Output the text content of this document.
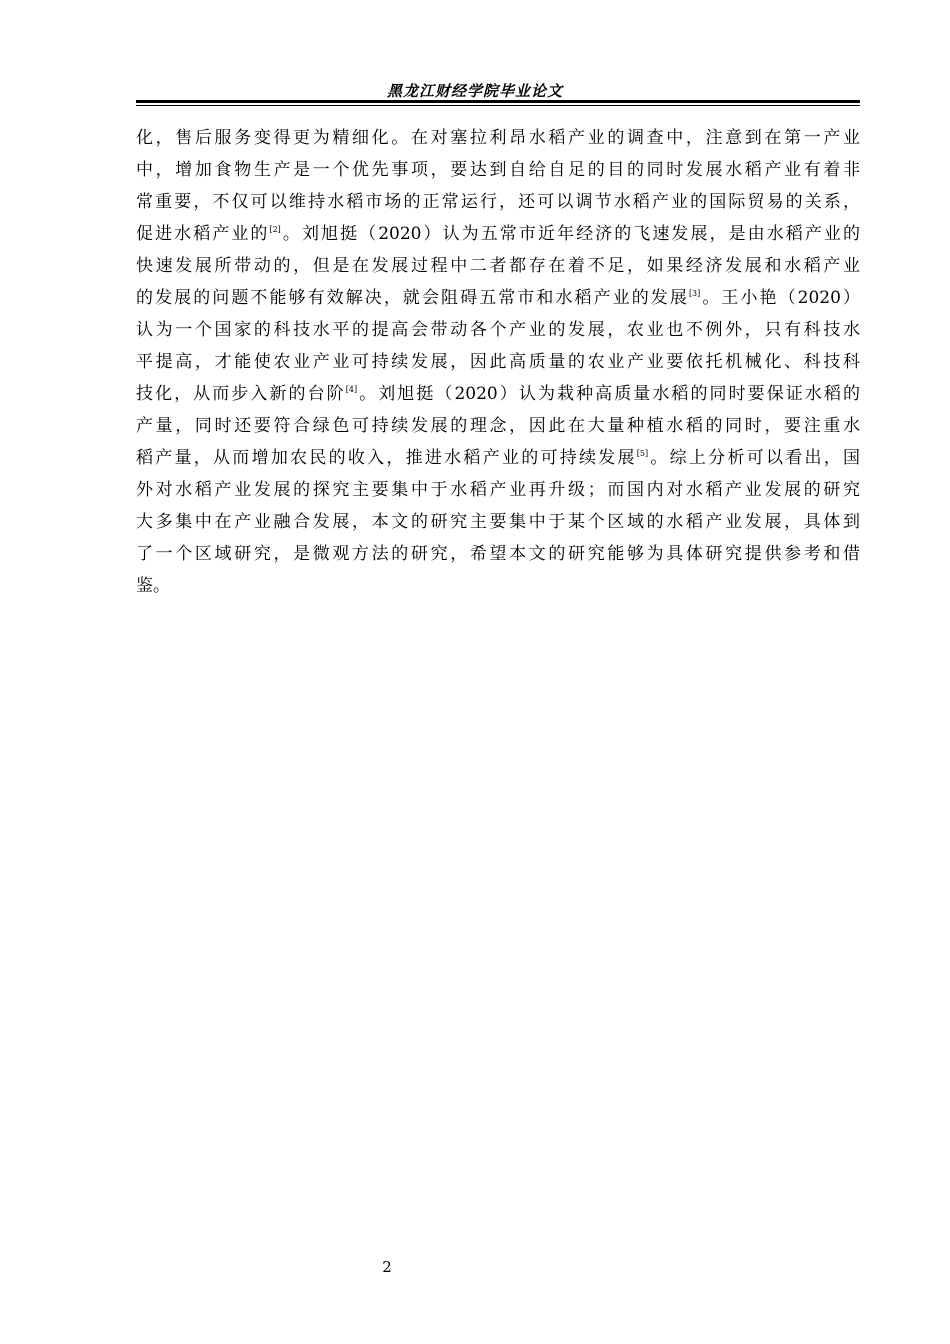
黑龙江财经学院毕业论文
化，售后服务变得更为精细化。在对塞拉利昂水稻产业的调查中，注意到在第一产业
中，增加食物生产是一个优先事项，要达到自给自足的目的同时发展水稻产业有着非
常重要，不仅可以维持水稻市场的正常运行，还可以调节水稻产业的国际贸易的关系，
促进水稻产业的[2]。刘旭挺（2020）认为五常市近年经济的飞速发展，是由水稻产业的
快速发展所带动的，但是在发展过程中二者都存在着不足，如果经济发展和水稻产业
的发展的问题不能够有效解决，就会阻碍五常市和水稻产业的发展[3]。王小艳（2020）
认为一个国家的科技水平的提高会带动各个产业的发展，农业也不例外，只有科技水
平提高，才能使农业产业可持续发展，因此高质量的农业产业要依托机械化、科技科
技化，从而步入新的台阶[4]。刘旭挺（2020）认为栽种高质量水稻的同时要保证水稻的
产量，同时还要符合绿色可持续发展的理念，因此在大量种植水稻的同时，要注重水
稻产量，从而增加农民的收入，推进水稻产业的可持续发展[5]。综上分析可以看出，国
外对水稻产业发展的探究主要集中于水稻产业再升级；而国内对水稻产业发展的研究
大多集中在产业融合发展，本文的研究主要集中于某个区域的水稻产业发展，具体到
了一个区域研究，是微观方法的研究，希望本文的研究能够为具体研究提供参考和借
鉴。
2
